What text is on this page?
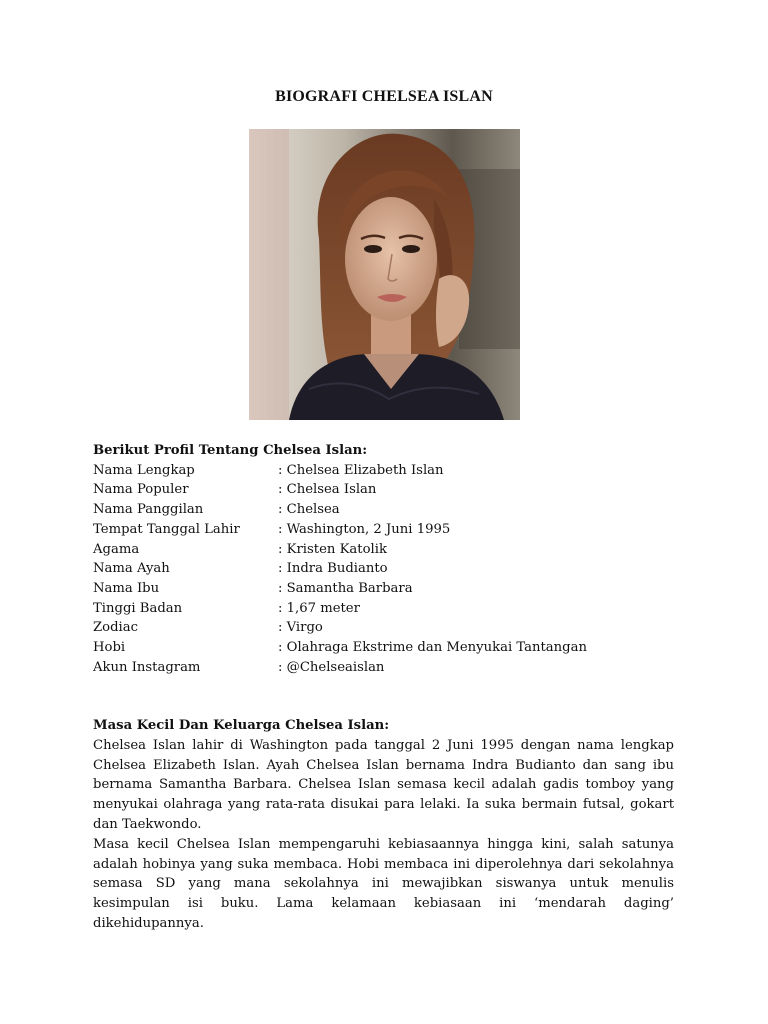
BIOGRAFI CHELSEA ISLAN
Berikut Profil Tentang Chelsea Islan:
Nama Lengkap	: Chelsea Elizabeth Islan
Nama Populer	: Chelsea Islan
Nama Panggilan	: Chelsea
Tempat Tanggal Lahir	: Washington, 2 Juni 1995
Agama	: Kristen Katolik
Nama Ayah	: Indra Budianto
Nama Ibu	: Samantha Barbara
Tinggi Badan	: 1,67 meter
Zodiac	: Virgo
Hobi	: Olahraga Ekstrime dan Menyukai Tantangan
Akun Instagram	: @Chelseaislan
Masa Kecil Dan Keluarga Chelsea Islan:

Chelsea Islan lahir di Washington pada tanggal 2 Juni 1995 dengan nama lengkap Chelsea Elizabeth Islan. Ayah Chelsea Islan bernama Indra Budianto dan sang ibu bernama Samantha Barbara. Chelsea Islan semasa kecil adalah gadis tomboy yang menyukai olahraga yang rata-rata disukai para lelaki. Ia suka bermain futsal, gokart dan Taekwondo.

Masa kecil Chelsea Islan mempengaruhi kebiasaannya hingga kini, salah satunya adalah hobinya yang suka membaca. Hobi membaca ini diperolehnya dari sekolahnya semasa SD yang mana sekolahnya ini mewajibkan siswanya untuk menulis kesimpulan isi buku. Lama kelamaan kebiasaan ini ‘mendarah daging’ dikehidupannya.
